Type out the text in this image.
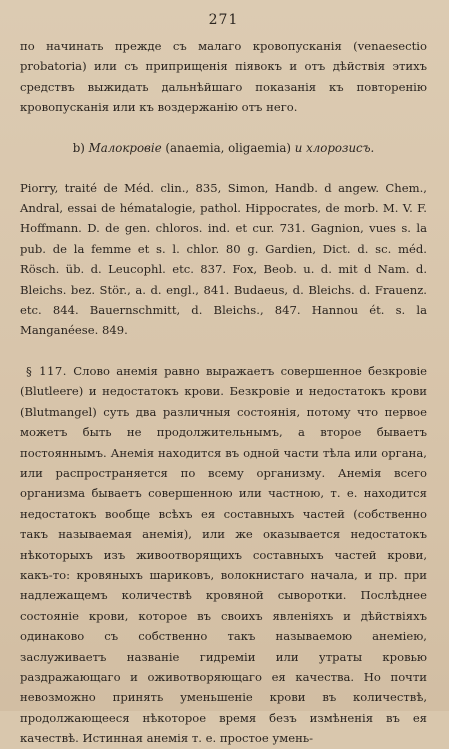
271

по начинать прежде съ малаго кровопусканія (venaesectio probatoria) или съ приприщенія піявокъ и отъ дѣйствія этихъ средствъ выжидать дальнѣйшаго показанія къ повторенію кровопусканія или къ воздержанію отъ него.

b) Малокровіе (anaemia, oligaemia) и хлорозисъ.

Piorry, traité de Méd. clin., 835, Simon, Handb. d angew. Chem., Andral, essai de hématalogie, pathol. Hippocrates, de morb. M. V. F. Hoffmann. D. de gen. chloros. ind. et cur. 731. Gagnion, vues s. la pub. de la femme et s. l. chlor. 80 g. Gardien, Dict. d. sc. méd. Rösch. üb. d. Leucophl. etc. 837. Fox, Beob. u. d. mit d Nam. d. Bleichs. bez. Stör., a. d. engl., 841. Budaeus, d. Bleichs. d. Frauenz. etc. 844. Bauernschmitt, d. Bleichs., 847. Hannou ét. s. la Manganéese. 849.

§ 117. Слово анемія равно выражаетъ совершенное безкровіе (Blutleere) и недостатокъ крови. Безкровіе и недостатокъ крови (Blutmangel) суть два различныя состоянія, потому что первое можетъ быть не продолжительнымъ, а второе бываетъ постояннымъ. Анемія находится въ одной части тѣла или органа, или распространяется по всему организму. Анемія всего организма бываетъ совершенною или частною, т. е. находится недостатокъ вообще всѣхъ ея составныхъ частей (собственно такъ называемая анемія), или же оказывается недостатокъ нѣкоторыхъ изъ живоотворящихъ составныхъ частей крови, какъ-то: кровяныхъ шариковъ, волокнистаго начала, и пр. при надлежащемъ количествѣ кровяной сыворотки. Послѣднее состояніе крови, которое въ своихъ явленіяхъ и дѣйствіяхъ одинаково съ собственно такъ называемою анеміею, заслуживаетъ названіе гидреміи или утраты кровью раздражающаго и оживотворяющаго ея качества. Но почти невозможно принять уменьшеніе крови въ количествѣ, продолжающееся нѣкоторое время безъ измѣненія въ ея качествѣ. Истинная анемія т. е. простое умень-
